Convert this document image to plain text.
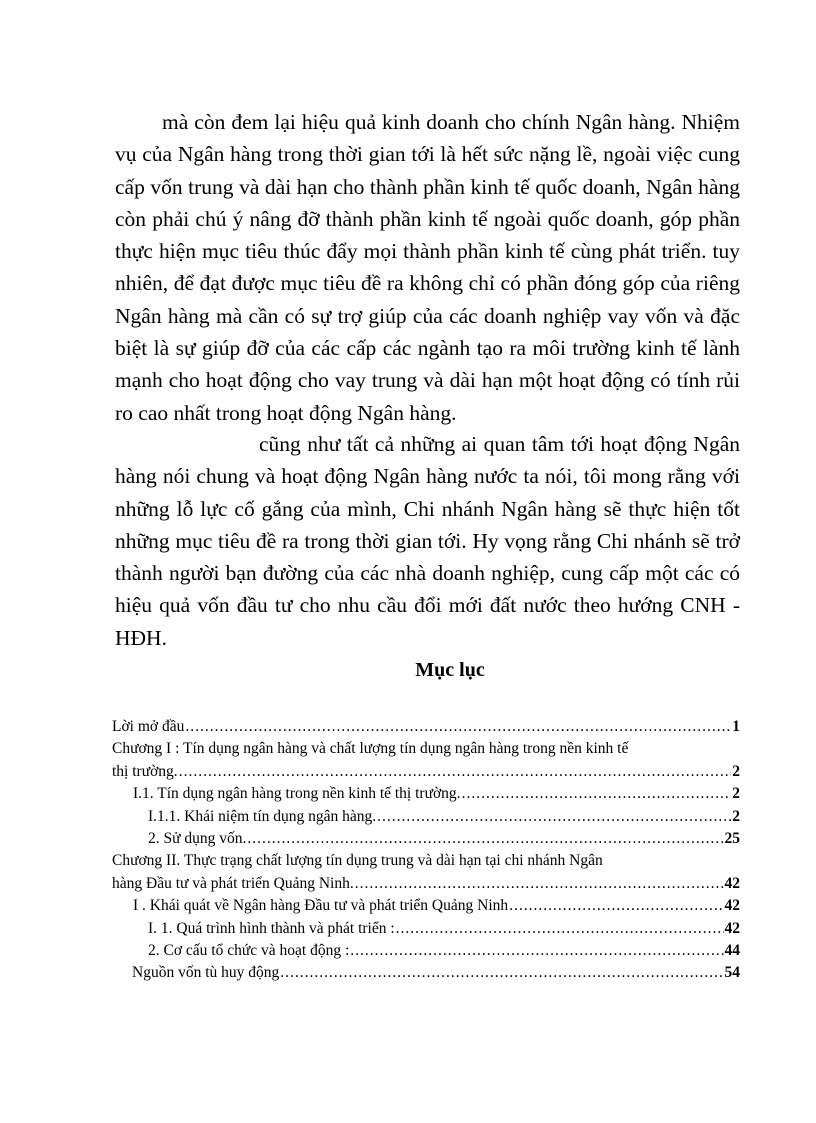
mà còn đem lại hiệu quả kinh doanh cho chính Ngân hàng. Nhiệm vụ của Ngân hàng trong thời gian tới là hết sức nặng lề, ngoài việc cung cấp vốn trung và dài hạn cho thành phần kinh tế quốc doanh, Ngân hàng còn phải chú ý nâng đỡ thành phần kinh tế ngoài quốc doanh, góp phần thực hiện mục tiêu thúc đẩy mọi thành phần kinh tế cùng phát triển. tuy nhiên, để đạt được mục tiêu đề ra không chỉ có phần đóng góp của riêng Ngân hàng mà cần có sự trợ giúp của các doanh nghiệp vay vốn và đặc biệt là sự giúp đỡ của các cấp các ngành tạo ra môi trường kinh tế lành mạnh cho hoạt động cho vay trung và dài hạn một hoạt động có tính rủi ro cao nhất trong hoạt động Ngân hàng.

cũng như tất cả những ai quan tâm tới hoạt động Ngân hàng nói chung và hoạt động Ngân hàng nước ta nói, tôi mong rằng với những lỗ lực cố gắng của mình, Chi nhánh Ngân hàng sẽ thực hiện tốt những mục tiêu đề ra trong thời gian tới. Hy vọng rằng Chi nhánh sẽ trở thành người bạn đường của các nhà doanh nghiệp, cung cấp một các có hiệu quả vốn đầu tư cho nhu cầu đổi mới đất nước theo hướng CNH - HĐH.

Mục lục
Lời mở đầu .....	1
Chương I : Tín dụng ngân hàng và chất lượng tín dụng ngân hàng trong nền kinh tế
thị trường. .....	2
I.1. Tín dụng ngân hàng trong nền kinh tế thị trường. .....	2
I.1.1. Khái niệm tín dụng ngân hàng. .....	2
2. Sử dụng vốn. .....	25
Chương II. Thực trạng chất lượng tín dụng trung và dài hạn tại chi nhánh Ngân
hàng Đầu tư và phát triển Quảng Ninh. .....	42
I . Khái quát về Ngân hàng Đầu tư và phát triển Quảng Ninh .....	42
I. 1. Quá trình hình thành và phát triển : .....	42
2. Cơ cấu tổ chức và hoạt động : .....	44
Nguồn vốn tù huy động .....	54
